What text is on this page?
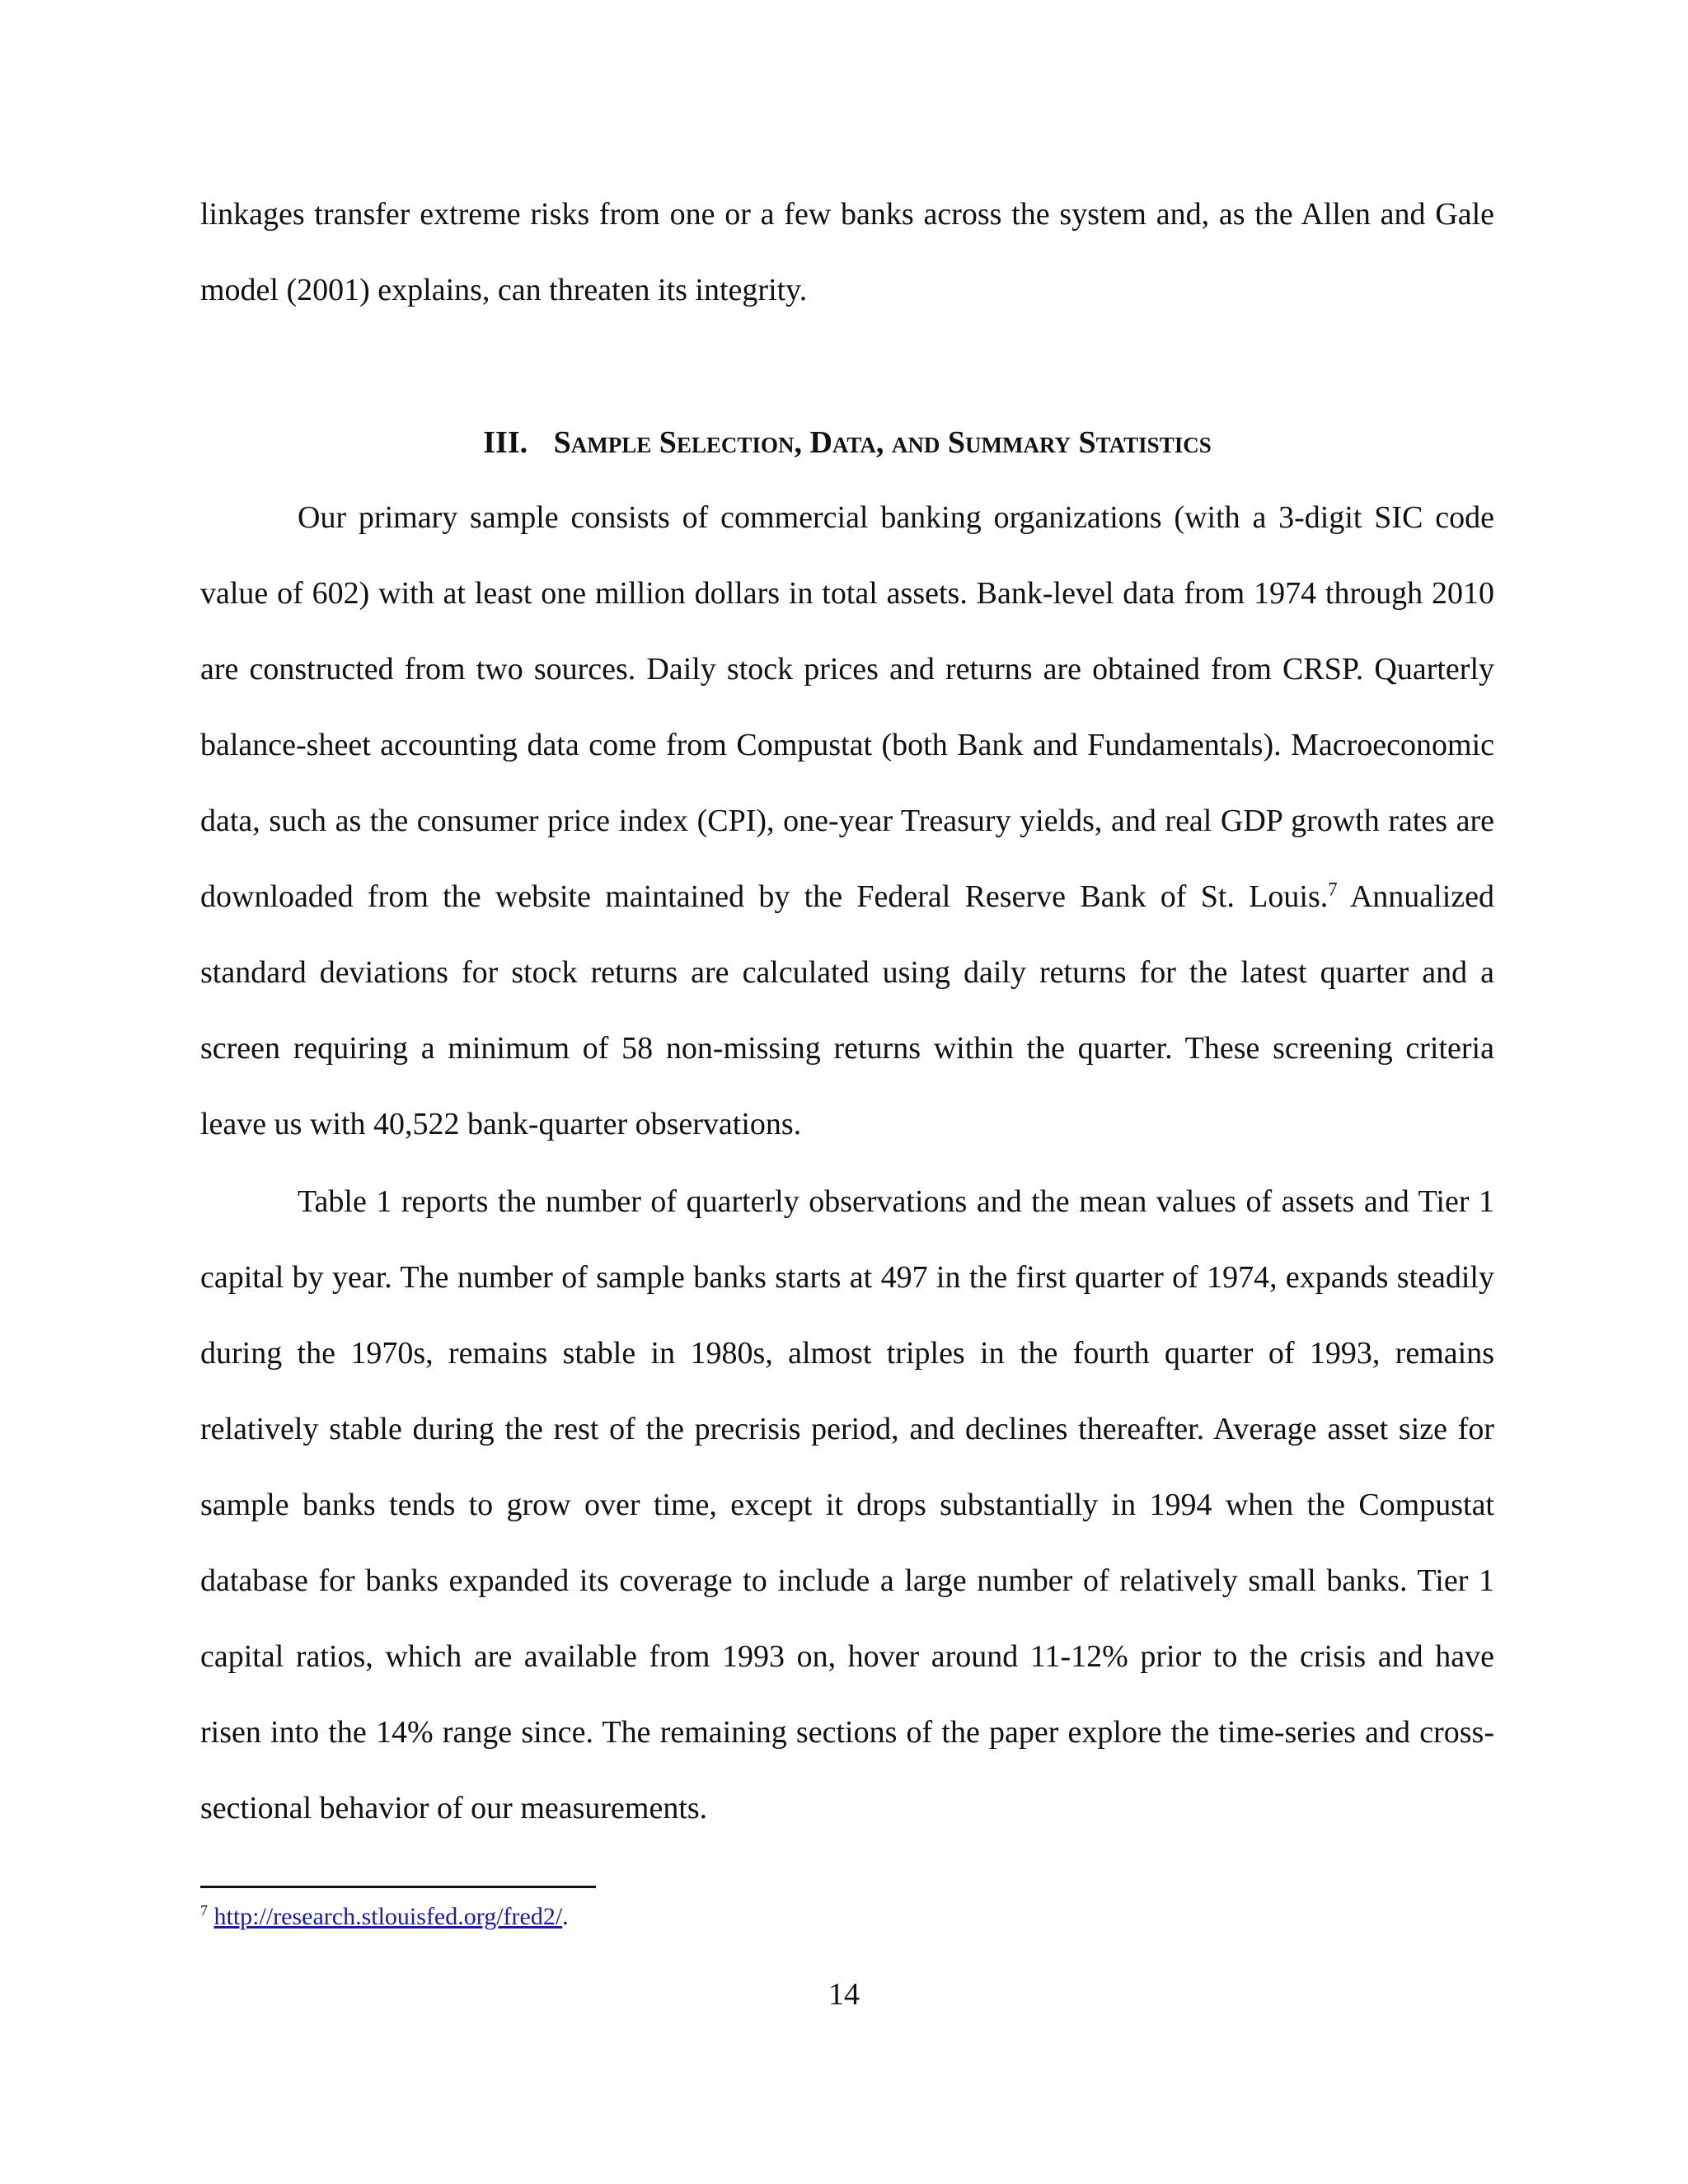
linkages transfer extreme risks from one or a few banks across the system and, as the Allen and Gale model (2001) explains, can threaten its integrity.

III. Sample Selection, Data, and Summary Statistics

Our primary sample consists of commercial banking organizations (with a 3-digit SIC code value of 602) with at least one million dollars in total assets. Bank-level data from 1974 through 2010 are constructed from two sources. Daily stock prices and returns are obtained from CRSP. Quarterly balance-sheet accounting data come from Compustat (both Bank and Fundamentals). Macroeconomic data, such as the consumer price index (CPI), one-year Treasury yields, and real GDP growth rates are downloaded from the website maintained by the Federal Reserve Bank of St. Louis.$^7$ Annualized standard deviations for stock returns are calculated using daily returns for the latest quarter and a screen requiring a minimum of 58 non-missing returns within the quarter. These screening criteria leave us with 40,522 bank-quarter observations.

Table 1 reports the number of quarterly observations and the mean values of assets and Tier 1 capital by year. The number of sample banks starts at 497 in the first quarter of 1974, expands steadily during the 1970s, remains stable in 1980s, almost triples in the fourth quarter of 1993, remains relatively stable during the rest of the precrisis period, and declines thereafter. Average asset size for sample banks tends to grow over time, except it drops substantially in 1994 when the Compustat database for banks expanded its coverage to include a large number of relatively small banks. Tier 1 capital ratios, which are available from 1993 on, hover around 11-12% prior to the crisis and have risen into the 14% range since. The remaining sections of the paper explore the time-series and cross-sectional behavior of our measurements.

$^7$ http://research.stlouisfed.org/fred2/.

14
